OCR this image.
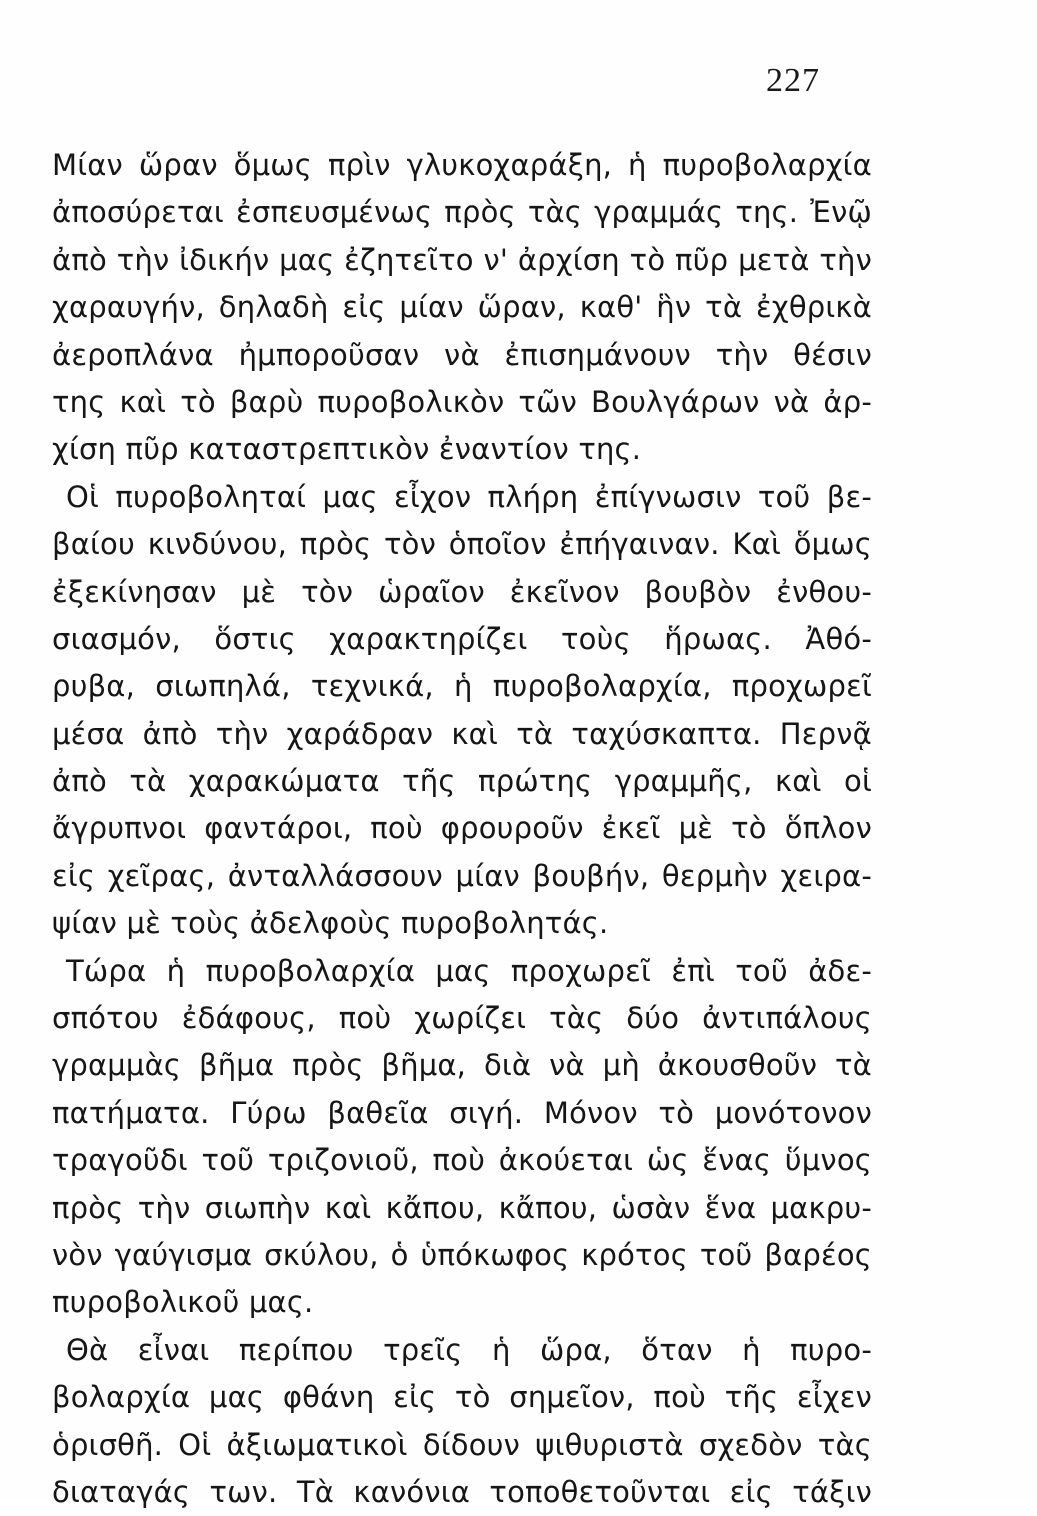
227
Μίαν ὥραν ὅμως πρὶν γλυκοχαράξη, ἡ πυροβολαρχία
ἀποσύρεται ἐσπευσμένως πρὸς τὰς γραμμάς της. Ἐνῷ
ἀπὸ τὴν ἰδικήν μας ἐζητεῖτο ν' ἀρχίση τὸ πῦρ μετὰ τὴν
χαραυγήν, δηλαδὴ εἰς μίαν ὥραν, καθ' ἣν τὰ ἐχθρικὰ
ἀεροπλάνα ἠμποροῦσαν νὰ ἐπισημάνουν τὴν θέσιν
της καὶ τὸ βαρὺ πυροβολικὸν τῶν Βουλγάρων νὰ ἀρ-
χίση πῦρ καταστρεπτικὸν ἐναντίον της.
Οἱ πυροβοληταί μας εἶχον πλήρη ἐπίγνωσιν τοῦ βε-
βαίου κινδύνου, πρὸς τὸν ὁποῖον ἐπήγαιναν. Καὶ ὅμως
ἐξεκίνησαν μὲ τὸν ὡραῖον ἐκεῖνον βουβὸν ἐνθου-
σιασμόν, ὅστις χαρακτηρίζει τοὺς ἥρωας. Ἀθό-
ρυβα, σιωπηλά, τεχνικά, ἡ πυροβολαρχία, προχωρεῖ
μέσα ἀπὸ τὴν χαράδραν καὶ τὰ ταχύσκαπτα. Περνᾷ
ἀπὸ τὰ χαρακώματα τῆς πρώτης γραμμῆς, καὶ οἱ
ἄγρυπνοι φαντάροι, ποὺ φρουροῦν ἐκεῖ μὲ τὸ ὅπλον
εἰς χεῖρας, ἀνταλλάσσουν μίαν βουβήν, θερμὴν χειρα-
ψίαν μὲ τοὺς ἀδελφοὺς πυροβολητάς.
Τώρα ἡ πυροβολαρχία μας προχωρεῖ ἐπὶ τοῦ ἀδε-
σπότου ἐδάφους, ποὺ χωρίζει τὰς δύο ἀντιπάλους
γραμμὰς βῆμα πρὸς βῆμα, διὰ νὰ μὴ ἀκουσθοῦν τὰ
πατήματα. Γύρω βαθεῖα σιγή. Μόνον τὸ μονότονον
τραγοῦδι τοῦ τριζονιοῦ, ποὺ ἀκούεται ὡς ἕνας ὕμνος
πρὸς τὴν σιωπὴν καὶ κἄπου, κἄπου, ὡσὰν ἕνα μακρυ-
νὸν γαύγισμα σκύλου, ὁ ὑπόκωφος κρότος τοῦ βαρέος
πυροβολικοῦ μας.
Θὰ εἶναι περίπου τρεῖς ἡ ὥρα, ὅταν ἡ πυρο-
βολαρχία μας φθάνη εἰς τὸ σημεῖον, ποὺ τῆς εἶχεν
ὁρισθῆ. Οἱ ἀξιωματικοὶ δίδουν ψιθυριστὰ σχεδὸν τὰς
διαταγάς των. Τὰ κανόνια τοποθετοῦνται εἰς τάξιν
